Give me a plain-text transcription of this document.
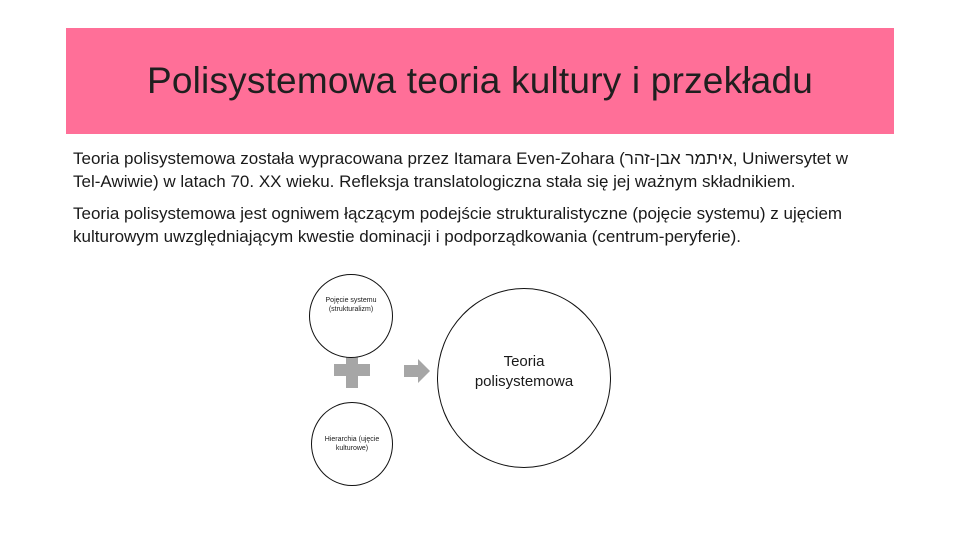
Polisystemowa teoria kultury i przekładu

Teoria polisystemowa została wypracowana przez Itamara Even-Zohara (איתמר אבן-זהר, Uniwersytet w Tel-Awiwie) w latach 70. XX wieku. Refleksja translatologiczna stała się jej ważnym składnikiem.

Teoria polisystemowa jest ogniwem łączącym podejście strukturalistyczne (pojęcie systemu) z ujęciem kulturowym uwzględniającym kwestie dominacji i podporządkowania (centrum-peryferie).

Pojęcie systemu (strukturalizm)
Hierarchia (ujęcie kulturowe)
Teoria polisystemowa
